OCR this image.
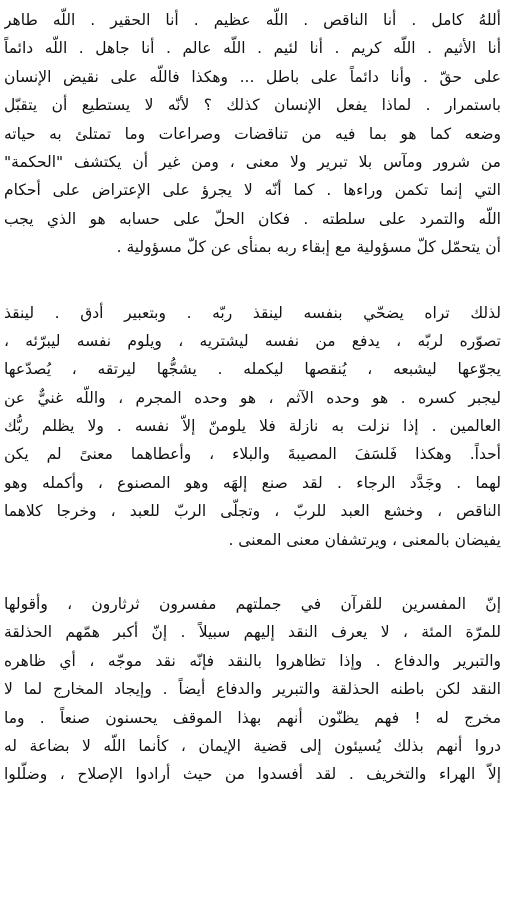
أللهُ كامل . أنا الناقص . اللّه عظيم . أنا الحقير . اللّه طاهر
أنا الأثيم . اللّه كريم . أنا لئيم . اللّه عالم . أنا جاهل . اللّه دائماً
على حقّ . وأنا دائماً على باطل ... وهكذا فاللّه على نقيض الإنسان
باستمرار . لماذا يفعل الإنسان كذلك ؟ لأنّه لا يستطيع أن يتقبّل
وضعه كما هو بما فيه من تناقضات وصراعات وما تمتلئ به حياته
من شرور ومآس بلا تبرير ولا معنى ، ومن غير أن يكتشف "الحكمة"
التي إنما تكمن وراءها . كما أنّه لا يجرؤ على الإعتراض على أحكام
اللّه والتمرد على سلطته . فكان الحلّ على حسابه هو الذي يجب
أن يتحمّل كلّ مسؤولية مع إبقاء ربه بمنأى عن كلّ مسؤولية .
لذلك تراه يضحّي بنفسه لينقذ ربّه . وبتعبير أدق . لينقذ
تصوّره لربّه ، يدفع من نفسه ليشتريه ، ويلوم نفسه ليبرّئه ،
يجوّعها ليشبعه ، يُنقصها ليكمله . يشجُّها ليرتقه ، يُصدّعها
ليجبر كسره . هو وحده الآثم ، هو وحده المجرم ، واللّه غنيٌّ عن
العالمين . إذا نزلت به نازلة فلا يلومنّ إلاّ نفسه . ولا يظلم ربُّك
أحداً. وهكذا فَلسَفَ المصيبةَ والبلاء ، وأعطاهما معنىً لم يكن
لهما . وجَدَّد الرجاء . لقد صنع إلهَه وهو المصنوع ، وأكمله وهو
الناقص ، وخشع العبد للربّ ، وتجلّى الربّ للعبد ، وخرجا كلاهما
يفيضان بالمعنى ، ويرتشفان معنى المعنى .
إنّ المفسرين للقرآن في جملتهم مفسرون ثرثارون ، وأقولها
للمرّة المئة ، لا يعرف النقد إليهم سبيلاً . إنّ أكبر همّهم الحذلقة
والتبرير والدفاع . وإذا تظاهروا بالنقد فإنّه نقد موجّه ، أي ظاهره
النقد لكن باطنه الحذلقة والتبرير والدفاع أيضاً . وإيجاد المخارج لما لا
مخرج له ! فهم يظنّون أنهم بهذا الموقف يحسنون صنعاً . وما
دروا أنهم بذلك يُسيئون إلى قضية الإيمان ، كأنما اللّه لا بضاعة له
إلاّ الهراء والتخريف . لقد أفسدوا من حيث أرادوا الإصلاح ، وضلّلوا
